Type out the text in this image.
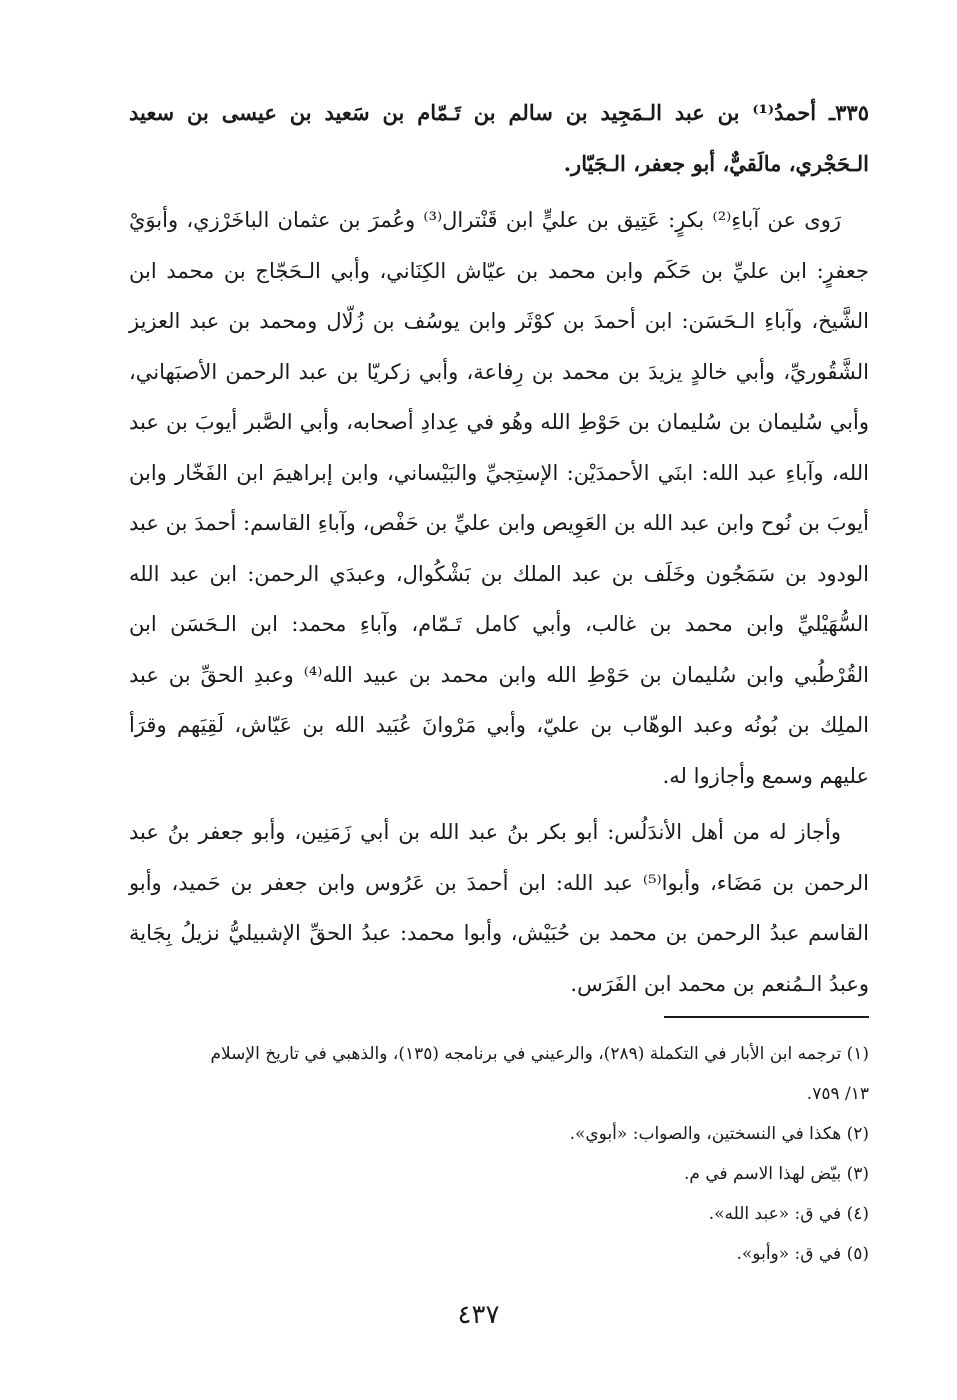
٣٣٥ـ أحمدُ⁽¹⁾ بن عبد الـمَجِيد بن سالم بن تَـمّام بن سَعيد بن عيسى بن سعيد الـحَجْري، مالَقيٌّ، أبو جعفر، الـجَيّار.

رَوى عن آباءِ⁽²⁾ بكرٍ: عَتِيق بن عليٍّ ابن قَنْترال⁽³⁾ وعُمرَ بن عثمان الباخَرْزي، وأبوَيْ جعفرٍ: ابن عليِّ بن حَكَم وابن محمد بن عيّاش الكِنَاني، وأبي الـحَجّاج بن محمد ابن الشَّيخ، وآباءِ الـحَسَن: ابن أحمدَ بن كوْثَر وابن يوسُف بن زُلّال ومحمد بن عبد العزيز الشَّقُوريِّ، وأبي خالدٍ يزيدَ بن محمد بن رِفاعة، وأبي زكريّا بن عبد الرحمن الأصبَهاني، وأبي سُليمان بن سُليمان بن حَوْطِ الله وهُو في عِدادِ أصحابه، وأبي الصَّبر أيوبَ بن عبد الله، وآباءِ عبد الله: ابنَي الأحمدَيْن: الإستِجيِّ والبَيْساني، وابن إبراهيمَ ابن الفَخّار وابن أيوبَ بن نُوح وابن عبد الله بن العَوِيص وابن عليِّ بن حَفْص، وآباءِ القاسم: أحمدَ بن عبد الودود بن سَمَجُون وخَلَف بن عبد الملك بن بَشْكُوال، وعبدَي الرحمن: ابن عبد الله السُّهَيْليِّ وابن محمد بن غالب، وأبي كامل تَـمّام، وآباءِ محمد: ابن الـحَسَن ابن القُرْطُبي وابن سُليمان بن حَوْطِ الله وابن محمد بن عبيد الله⁽⁴⁾ وعبدِ الحقِّ بن عبد الملِك بن بُونُه وعبد الوهّاب بن عليّ، وأبي مَرْوانَ عُبَيد الله بن عَيّاش، لَقِيَهم وقرَأ عليهم وسمع وأجازوا له.

وأجاز له من أهل الأندَلُس: أبو بكر بنُ عبد الله بن أبي زَمَنِين، وأبو جعفر بنُ عبد الرحمن بن مَضَاء، وأبوا⁽⁵⁾ عبد الله: ابن أحمدَ بن عَرُوس وابن جعفر بن حَميد، وأبو القاسم عبدُ الرحمن بن محمد بن حُبَيْش، وأبوا محمد: عبدُ الحقِّ الإشبيليُّ نزيلُ بِجَاية وعبدُ الـمُنعم بن محمد ابن الفَرَس.

(١) ترجمه ابن الأبار في التكملة (٢٨٩)، والرعيني في برنامجه (١٣٥)، والذهبي في تاريخ الإسلام

١٣/ ٧٥٩.

(٢) هكذا في النسختين، والصواب: «أبوي».

(٣) بيّض لهذا الاسم في م.

(٤) في ق: «عبد الله».

(٥) في ق: «وأبو».

٤٣٧
